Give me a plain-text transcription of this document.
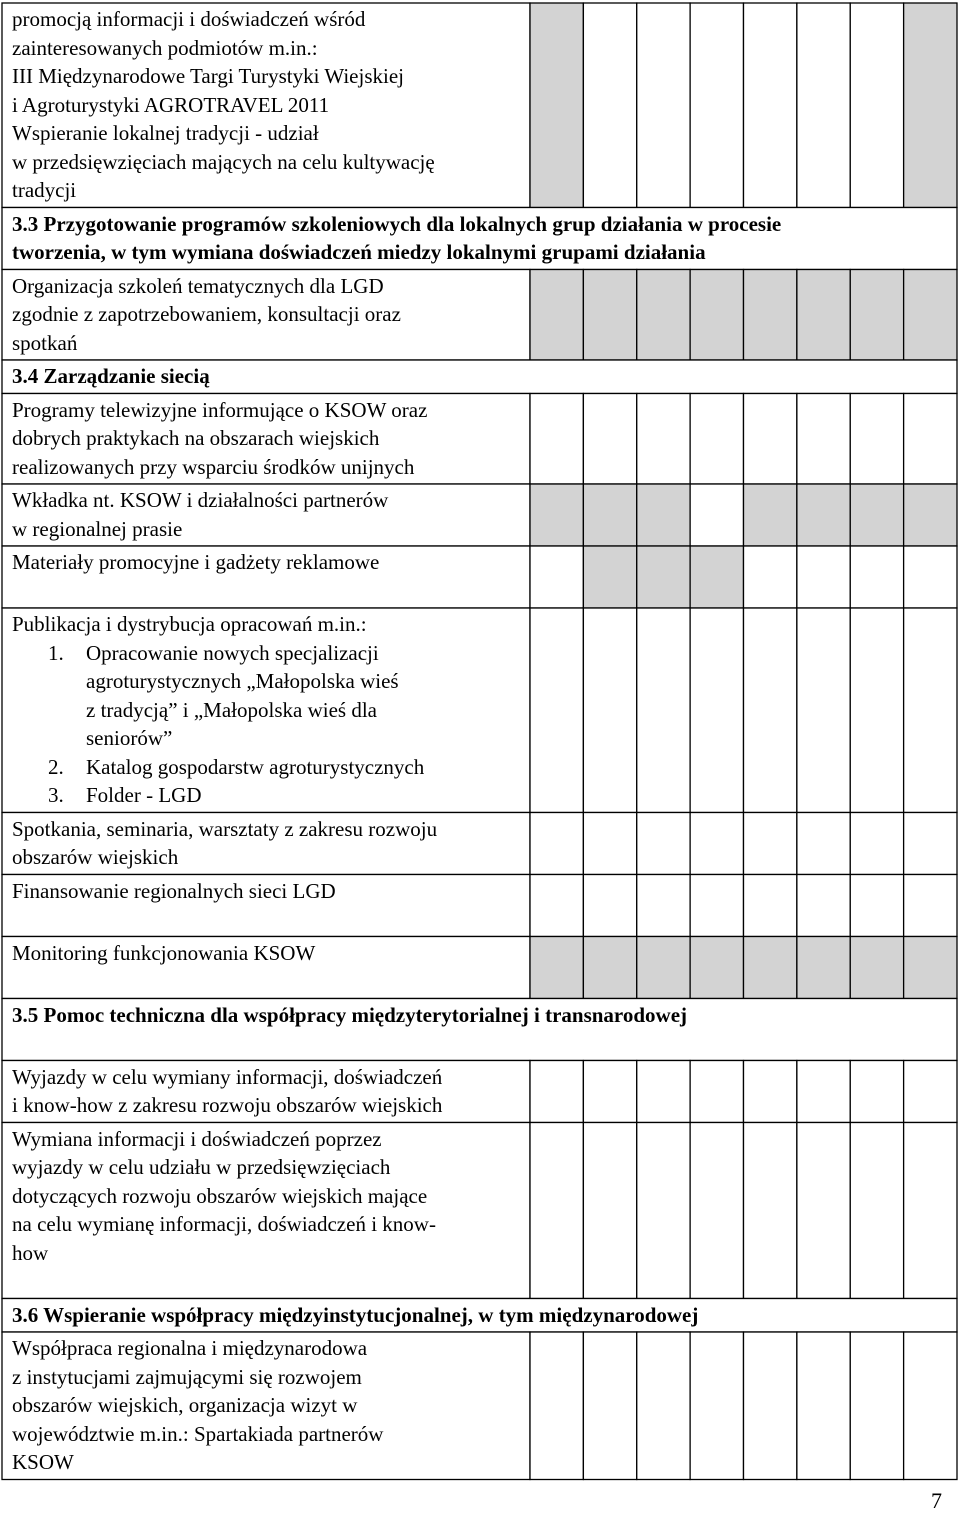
promocją informacji i doświadczeń wśród
zainteresowanych podmiotów m.in.:
III Międzynarodowe Targi Turystyki Wiejskiej
i Agroturystyki AGROTRAVEL 2011
Wspieranie lokalnej tradycji - udział
w przedsięwzięciach mających na celu kultywację
tradycji
3.3 Przygotowanie programów szkoleniowych dla lokalnych grup działania w procesie
tworzenia, w tym wymiana doświadczeń miedzy lokalnymi grupami działania
Organizacja szkoleń tematycznych dla LGD
zgodnie z zapotrzebowaniem, konsultacji oraz
spotkań
3.4 Zarządzanie siecią
Programy telewizyjne informujące o KSOW oraz
dobrych praktykach na obszarach wiejskich
realizowanych przy wsparciu środków unijnych
Wkładka nt. KSOW i działalności partnerów
w regionalnej prasie
Materiały promocyjne i gadżety reklamowe
Publikacja i dystrybucja opracowań m.in.:
1. Opracowanie nowych specjalizacji
agroturystycznych „Małopolska wieś
z tradycją” i „Małopolska wieś dla
seniorów”
2. Katalog gospodarstw agroturystycznych
3. Folder - LGD
Spotkania, seminaria, warsztaty z zakresu rozwoju
obszarów wiejskich
Finansowanie regionalnych sieci LGD
Monitoring funkcjonowania KSOW
3.5 Pomoc techniczna dla współpracy międzyterytorialnej i transnarodowej
Wyjazdy w celu wymiany informacji, doświadczeń
i know-how z zakresu rozwoju obszarów wiejskich
Wymiana informacji i doświadczeń poprzez
wyjazdy w celu udziału w przedsięwzięciach
dotyczących rozwoju obszarów wiejskich mające
na celu wymianę informacji, doświadczeń i know-
how
3.6 Wspieranie współpracy międzyinstytucjonalnej, w tym międzynarodowej
Współpraca regionalna i międzynarodowa
z instytucjami zajmującymi się rozwojem
obszarów wiejskich, organizacja wizyt w
województwie m.in.: Spartakiada partnerów
KSOW
7
